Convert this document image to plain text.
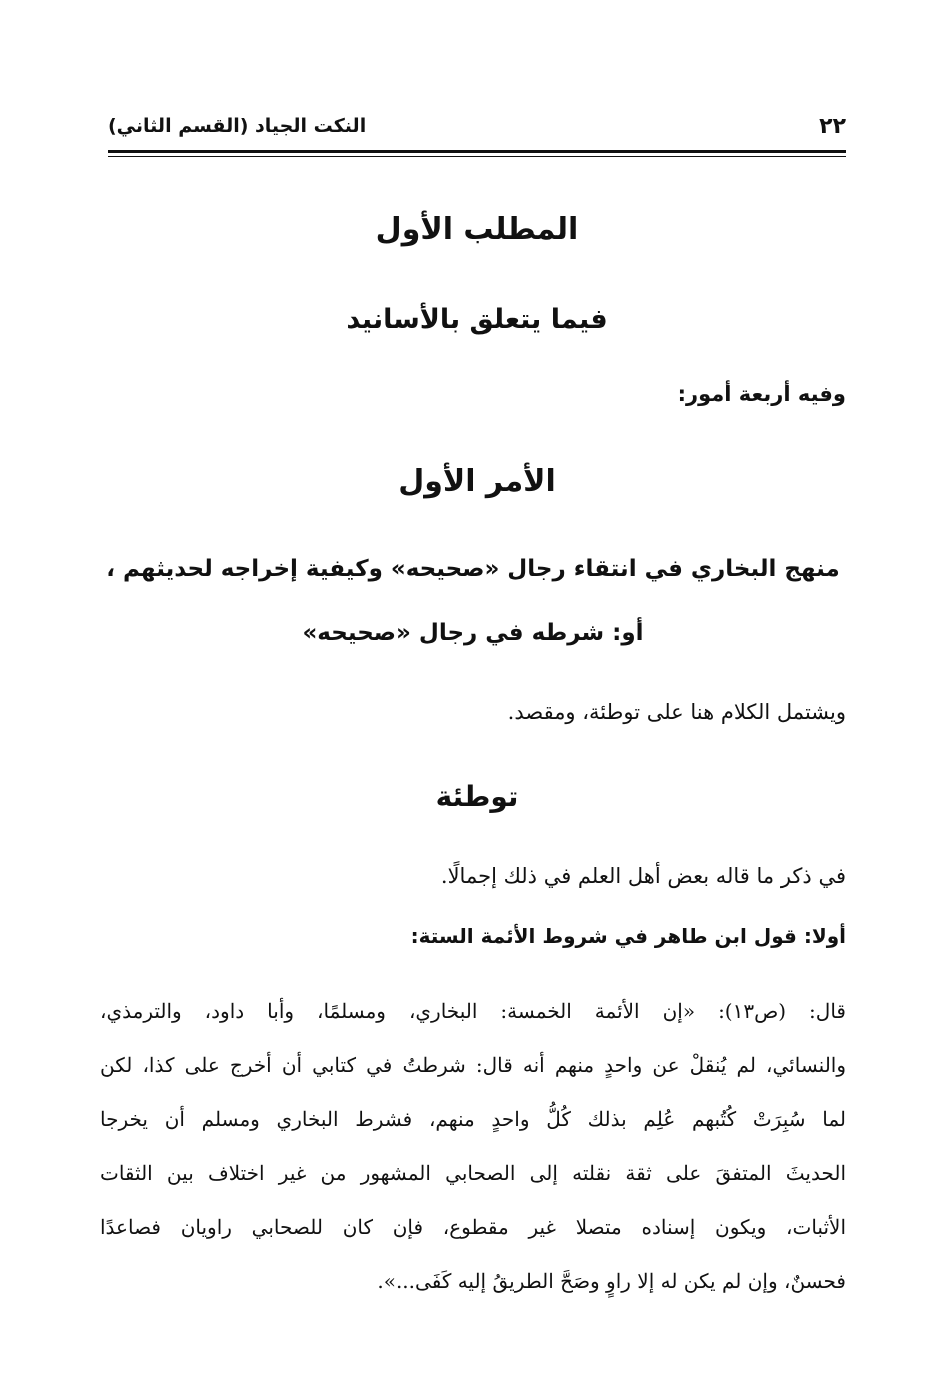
٢٢
النكت الجياد (القسم الثاني)
المطلب الأول
فيما يتعلق بالأسانيد
وفيه أربعة أمور:
الأمر الأول
منهج البخاري في انتقاء رجال «صحيحه» وكيفية إخراجه لحديثهم ،
أو: شرطه في رجال «صحيحه»
ويشتمل الكلام هنا على توطئة، ومقصد.
توطئة
في ذكر ما قاله بعض أهل العلم في ذلك إجمالًا.
أولا: قول ابن طاهر في شروط الأئمة الستة:
قال: (ص١٣): «إن الأئمة الخمسة: البخاري، ومسلمًا، وأبا داود، والترمذي،
والنسائي، لم يُنقلْ عن واحدٍ منهم أنه قال: شرطتُ في كتابي أن أخرج على كذا، لكن
لما سُبِرَتْ كُتُبهم عُلِم بذلك كُلُّ واحدٍ منهم، فشرط البخاري ومسلم أن يخرجا
الحديثَ المتفقَ على ثقة نقلته إلى الصحابي المشهور من غير اختلاف بين الثقات
الأثبات، ويكون إسناده متصلا غير مقطوع، فإن كان للصحابي راويان فصاعدًا
فحسنٌ، وإن لم يكن له إلا راوٍ وصَحَّ الطريقُ إليه كَفَى...».
